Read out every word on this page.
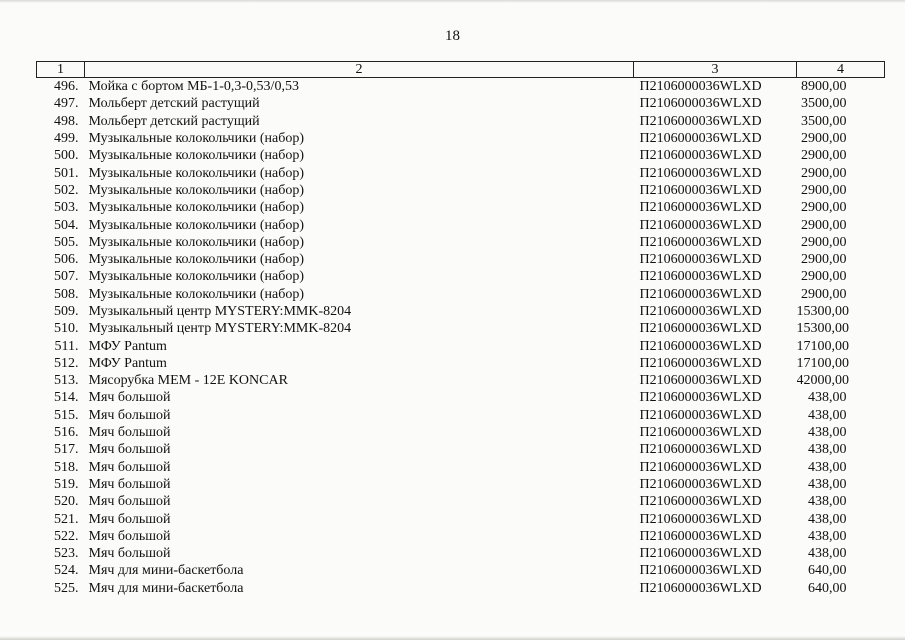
18
1	2	3	4
496.	Мойка с бортом МБ-1-0,3-0,53/0,53	П2106000036WLXD	8900,00
497.	Мольберт детский растущий	П2106000036WLXD	3500,00
498.	Мольберт детский растущий	П2106000036WLXD	3500,00
499.	Музыкальные колокольчики (набор)	П2106000036WLXD	2900,00
500.	Музыкальные колокольчики (набор)	П2106000036WLXD	2900,00
501.	Музыкальные колокольчики (набор)	П2106000036WLXD	2900,00
502.	Музыкальные колокольчики (набор)	П2106000036WLXD	2900,00
503.	Музыкальные колокольчики (набор)	П2106000036WLXD	2900,00
504.	Музыкальные колокольчики (набор)	П2106000036WLXD	2900,00
505.	Музыкальные колокольчики (набор)	П2106000036WLXD	2900,00
506.	Музыкальные колокольчики (набор)	П2106000036WLXD	2900,00
507.	Музыкальные колокольчики (набор)	П2106000036WLXD	2900,00
508.	Музыкальные колокольчики (набор)	П2106000036WLXD	2900,00
509.	Музыкальный центр MYSTERY:MMK-8204	П2106000036WLXD	15300,00
510.	Музыкальный центр MYSTERY:MMK-8204	П2106000036WLXD	15300,00
511.	МФУ Pantum	П2106000036WLXD	17100,00
512.	МФУ Pantum	П2106000036WLXD	17100,00
513.	Мясорубка MEM - 12E KONCAR	П2106000036WLXD	42000,00
514.	Мяч большой	П2106000036WLXD	438,00
515.	Мяч большой	П2106000036WLXD	438,00
516.	Мяч большой	П2106000036WLXD	438,00
517.	Мяч большой	П2106000036WLXD	438,00
518.	Мяч большой	П2106000036WLXD	438,00
519.	Мяч большой	П2106000036WLXD	438,00
520.	Мяч большой	П2106000036WLXD	438,00
521.	Мяч большой	П2106000036WLXD	438,00
522.	Мяч большой	П2106000036WLXD	438,00
523.	Мяч большой	П2106000036WLXD	438,00
524.	Мяч для мини-баскетбола	П2106000036WLXD	640,00
525.	Мяч для мини-баскетбола	П2106000036WLXD	640,00
